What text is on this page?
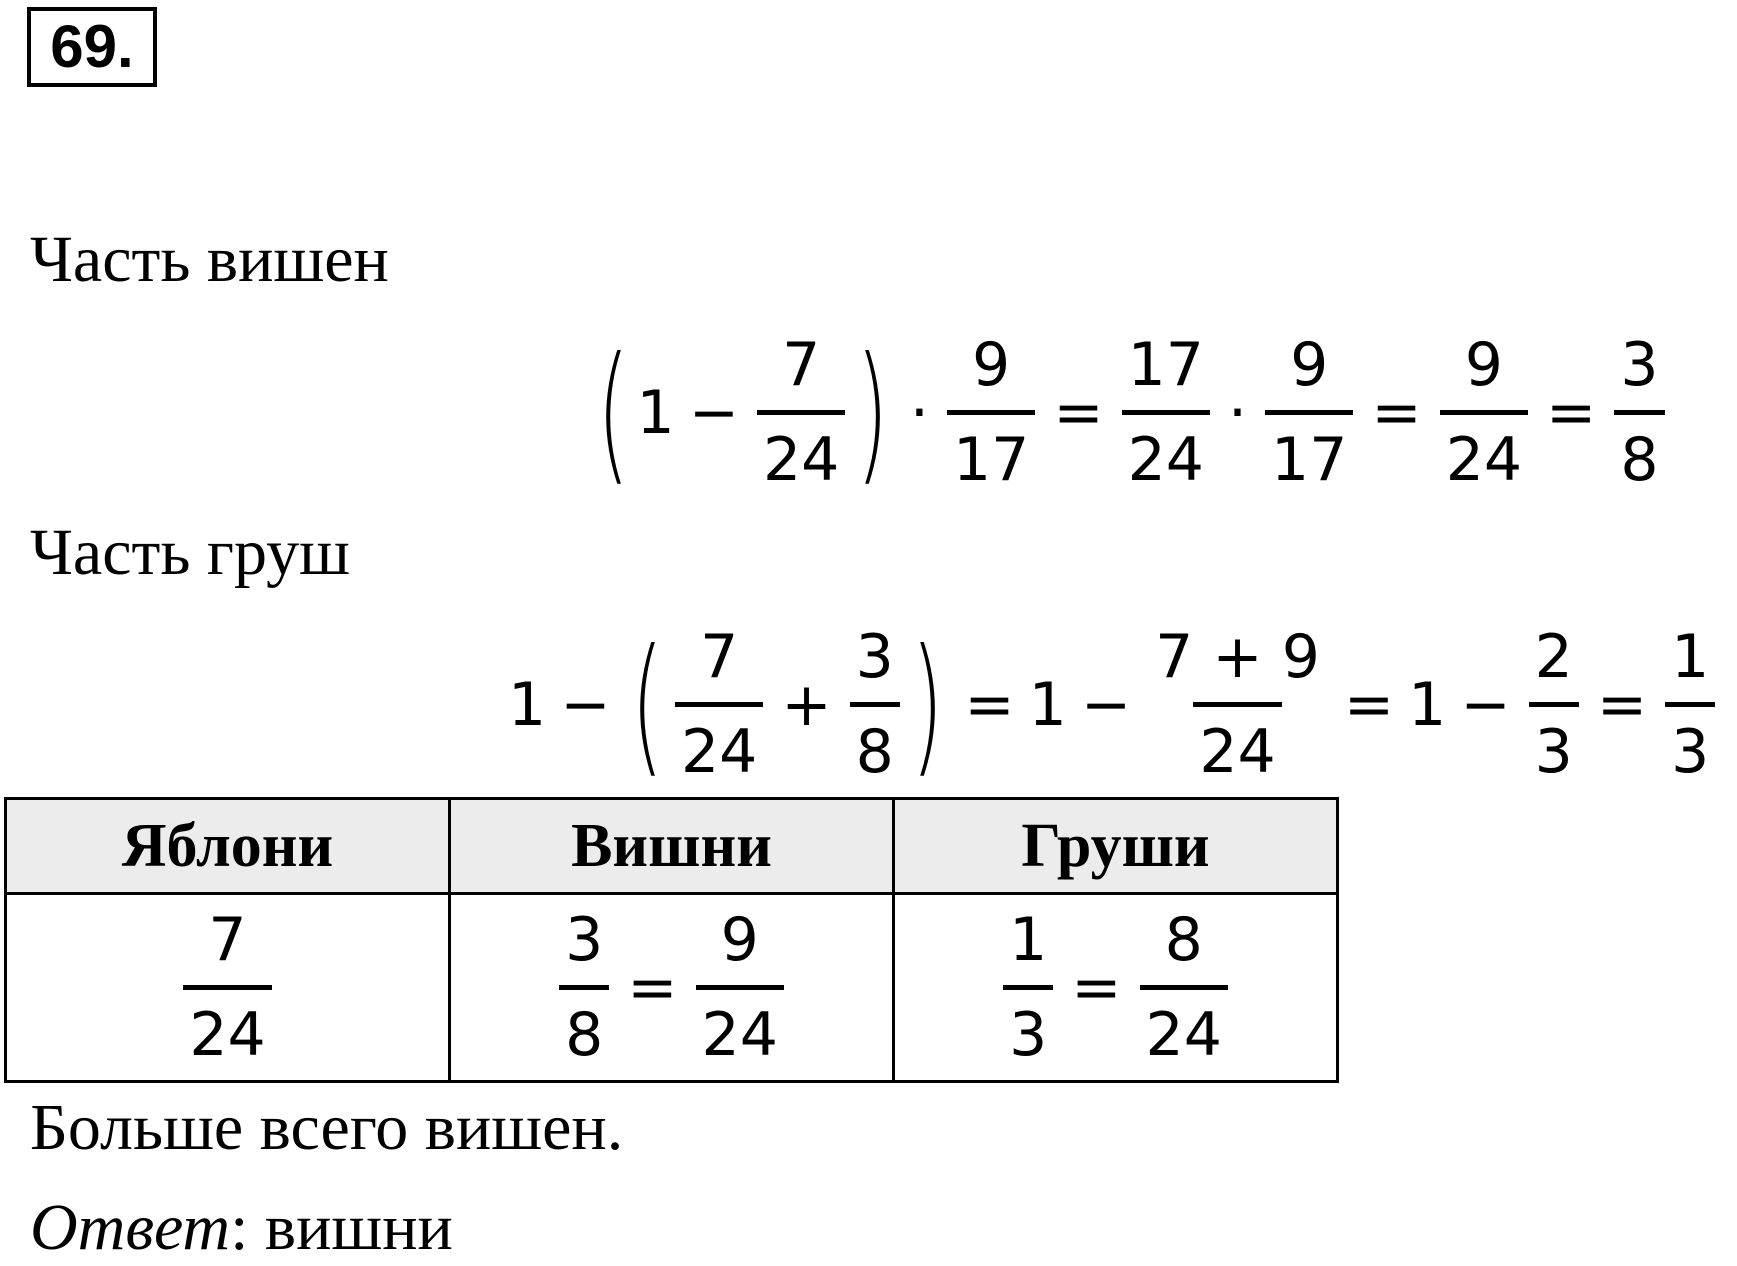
69.
Часть вишен
( $1 - \frac{7}{24}$ ) · $\frac{9}{17} = \frac{17}{24} \cdot \frac{9}{17} = \frac{9}{24} = \frac{3}{8}$
Часть груш
1 − ( $\frac{7}{24} + \frac{3}{8}$ ) = $1 - \frac{7 + 9}{24} = 1 - \frac{2}{3} = \frac{1}{3}$
Яблони	Вишни	Груши

$\frac{7}{24}$	$\frac{3}{8} = \frac{9}{24}$	$\frac{1}{3} = \frac{8}{24}$
Больше всего вишен.
Ответ: вишни
